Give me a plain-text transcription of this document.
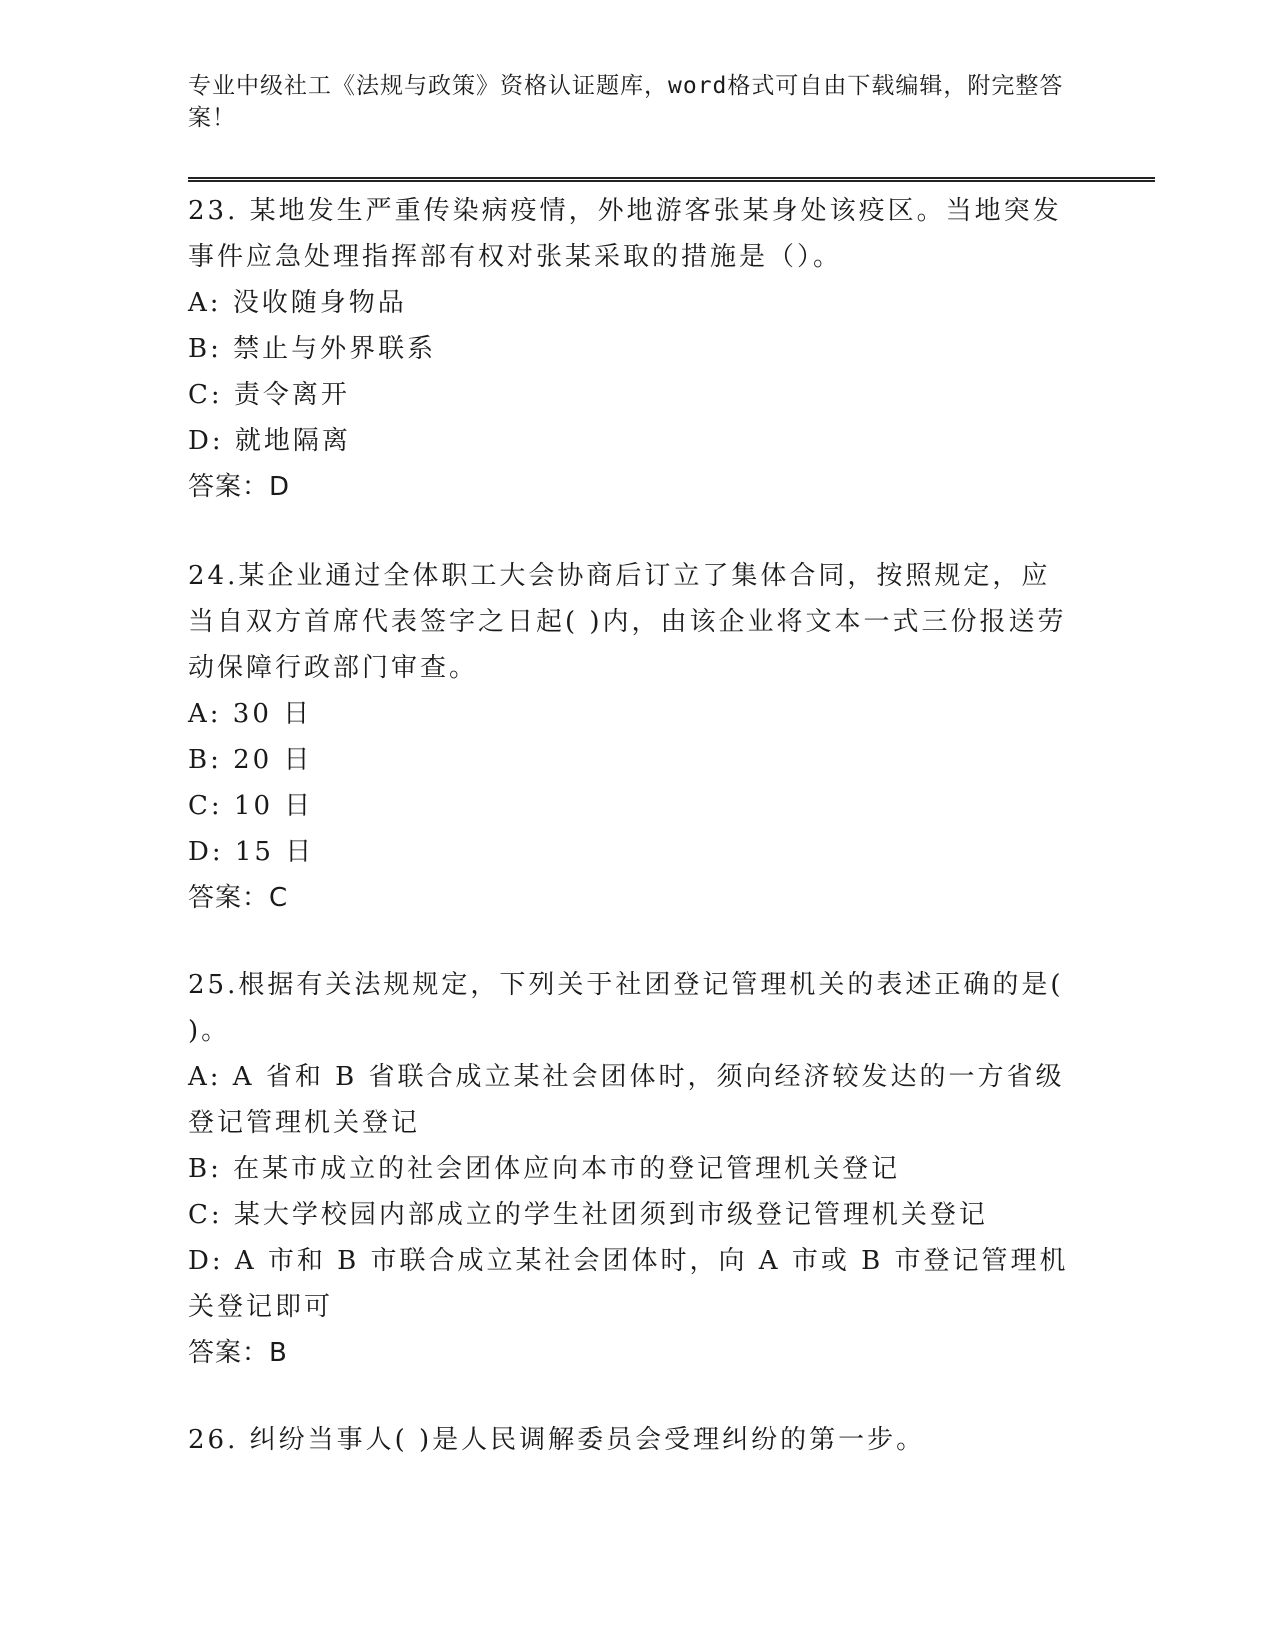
专业中级社工《法规与政策》资格认证题库，word格式可自由下载编辑，附完整答案！

23. 某地发生严重传染病疫情，外地游客张某身处该疫区。当地突发事件应急处理指挥部有权对张某采取的措施是（）。

A: 没收随身物品

B: 禁止与外界联系

C: 责令离开

D: 就地隔离

答案：D

24.某企业通过全体职工大会协商后订立了集体合同，按照规定，应当自双方首席代表签字之日起( )内，由该企业将文本一式三份报送劳动保障行政部门审查。

A: 30 日

B: 20 日

C: 10 日

D: 15 日

答案：C

25.根据有关法规规定，下列关于社团登记管理机关的表述正确的是( )。

A: A 省和 B 省联合成立某社会团体时，须向经济较发达的一方省级登记管理机关登记

B: 在某市成立的社会团体应向本市的登记管理机关登记

C: 某大学校园内部成立的学生社团须到市级登记管理机关登记

D: A 市和 B 市联合成立某社会团体时，向 A 市或 B 市登记管理机关登记即可

答案：B

26. 纠纷当事人( )是人民调解委员会受理纠纷的第一步。
